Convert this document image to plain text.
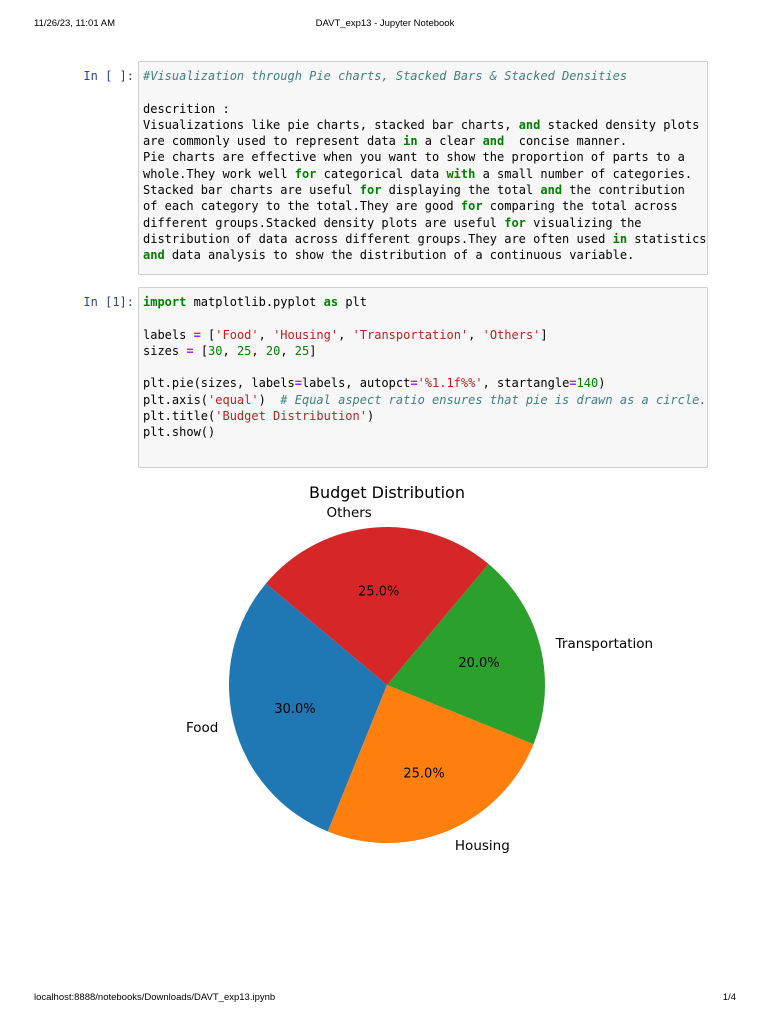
11/26/23, 11:01 AM	DAVT_exp13 - Jupyter Notebook
In [ ]: #Visualization through Pie charts, Stacked Bars & Stacked Densities
descrition :
Visualizations like pie charts, stacked bar charts, and stacked density plots
are commonly used to represent data in a clear and  concise manner.
Pie charts are effective when you want to show the proportion of parts to a
whole.They work well for categorical data with a small number of categories.
Stacked bar charts are useful for displaying the total and the contribution
of each category to the total.They are good for comparing the total across
different groups.Stacked density plots are useful for visualizing the
distribution of data across different groups.They are often used in statistics
and data analysis to show the distribution of a continuous variable.
In [1]: import matplotlib.pyplot as plt
labels = ['Food', 'Housing', 'Transportation', 'Others']
sizes = [30, 25, 20, 25]
plt.pie(sizes, labels=labels, autopct='%1.1f%%', startangle=140)
plt.axis('equal')  # Equal aspect ratio ensures that pie is drawn as a circle.
plt.title('Budget Distribution')
plt.show()
Budget Distribution
30.0%
Food
25.0%
Housing
20.0%
Transportation
25.0%
Others
localhost:8888/notebooks/Downloads/DAVT_exp13.ipynb	1/4
